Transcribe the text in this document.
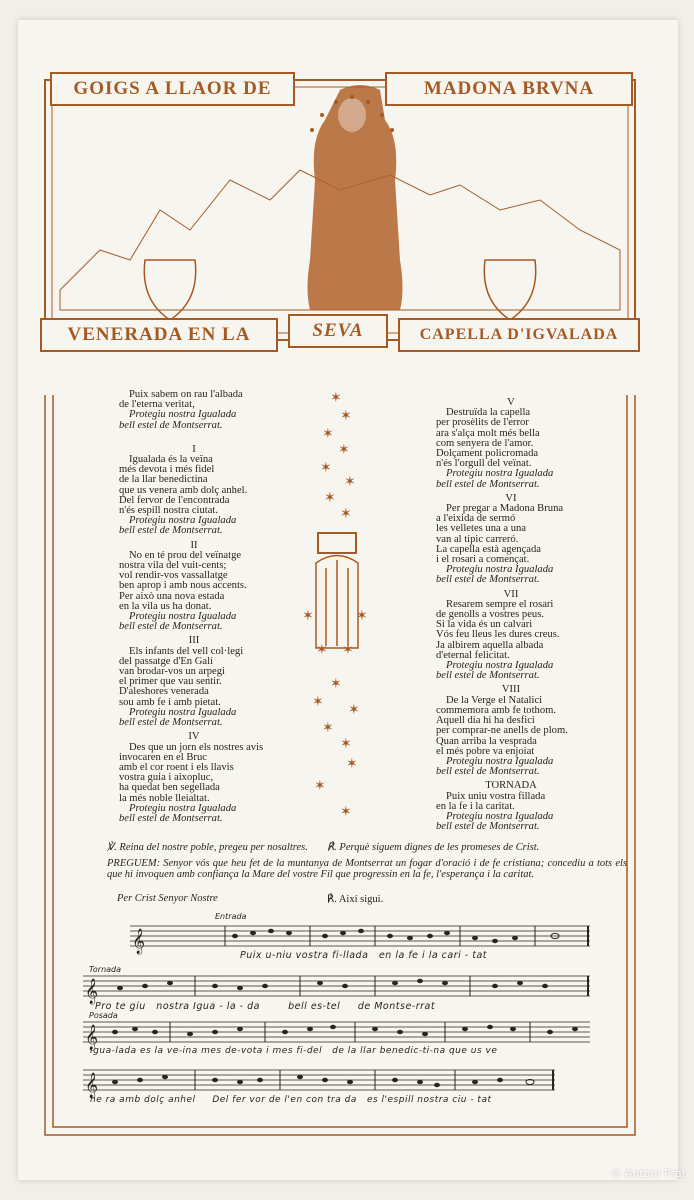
GOIGS A LLAOR DE	MADONA BRVNA
VENERADA EN LA	SEVA	CAPELLA D'IGVALADA
✶
✶
✶
✶
✶
✶
✶
✶
✶	✶
✶ ✶
✶
✶
✶
✶
✶
✶
✶
✶

Puix sabem on rau l'albada

de l'eterna veritat,

Protegiu nostra Igualada

bell estel de Montserrat.

I

Igualada és la veïna

més devota i més fidel

de la llar benedictina

que us venera amb dolç anhel.

Del fervor de l'encontrada

n'és espill nostra ciutat.

Protegiu nostra Igualada

bell estel de Montserrat.

II

No en té prou del veïnatge

nostra vila del vuit-cents;

vol rendir-vos vassallatge

ben aprop i amb nous accents.

Per això una nova estada

en la vila us ha donat.

Protegiu nostra Igualada

bell estel de Montserrat.

III

Els infants del vell col·legi

del passatge d'En Galí

van brodar-vos un arpegi

el primer que vau sentir.

D'aleshores venerada

sou amb fe i amb pietat.

Protegiu nostra Igualada

bell estel de Montserrat.

IV

Des que un jorn els nostres avis

invocaren en el Bruc

amb el cor roent i els llavis

vostra guia i aixopluc,

ha quedat ben segellada

la més noble lleialtat.

Protegiu nostra Igualada

bell estel de Montserrat.

V

Destruïda la capella

per prosèlits de l'error

ara s'alça molt més bella

com senyera de l'amor.

Dolçament policromada

n'és l'orgull del veïnat.

Protegiu nostra Igualada

bell estel de Montserrat.

VI

Per pregar a Madona Bruna

a l'eixida de sermó

les velletes una a una

van al típic carreró.

La capella està agençada

i el rosari a començat.

Protegiu nostra Igualada

bell estel de Montserrat.

VII

Resarem sempre el rosari

de genolls a vostres peus.

Si la vida és un calvari

Vós feu lleus les dures creus.

Ja albirem aquella albada

d'eternal felicitat.

Protegiu nostra Igualada

bell estel de Montserrat.

VIII

De la Verge el Natalici

commemora amb fe tothom.

Aquell dia hi ha desfici

per comprar-ne anells de plom.

Quan arriba la vesprada

el més pobre va enjoiat

Protegiu nostra Igualada

bell estel de Montserrat.

TORNADA

Puix uniu vostra fillada

en la fe i la caritat.

Protegiu nostra Igualada

bell estel de Montserrat.

℣. Reina del nostre poble, pregeu per nosaltres. ℟. Perquè siguem dignes de les promeses de Crist.
PREGUEM: Senyor vós que heu fet de la muntanya de Montserrat un fogar d'oració i de fe cristiana; concediu a tots els que hi invoquen amb confiança la Mare del vostre Fil que progressin en la fe, l'esperança i la caritat.
Per Crist Senyor Nostre	℟. Així sigui.
𝄞
𝄞
𝄞
𝄞
Entrada
Tornada
Posada
Puix u-niu vostra fi-llada   en la fe i la cari - tat
Pro te giu   nostra Igua - la - da        bell es-tel     de Montse-rrat
Igua-lada es la ve-ina mes de-vota i mes fi-del   de la llar benedic-ti-na que us ve
ne ra amb dolç anhel     Del fer vor de l'en con tra da   es l'espill nostra ciu - tat
© Antoni Prat
